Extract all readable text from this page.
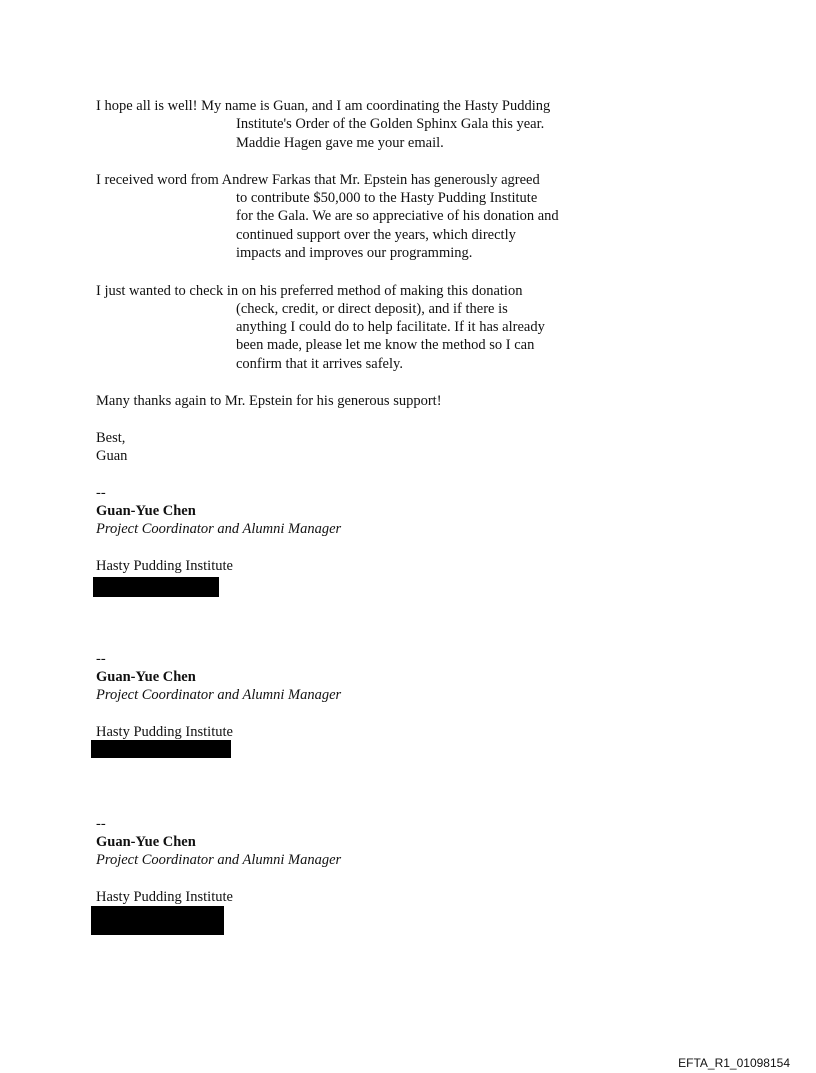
I hope all is well! My name is Guan, and I am coordinating the Hasty Pudding
Institute's Order of the Golden Sphinx Gala this year.
Maddie Hagen gave me your email.
I received word from Andrew Farkas that Mr. Epstein has generously agreed
to contribute $50,000 to the Hasty Pudding Institute
for the Gala. We are so appreciative of his donation and
continued support over the years, which directly
impacts and improves our programming.
I just wanted to check in on his preferred method of making this donation
(check, credit, or direct deposit), and if there is
anything I could do to help facilitate. If it has already
been made, please let me know the method so I can
confirm that it arrives safely.
Many thanks again to Mr. Epstein for his generous support!
Best,
Guan
--
Guan-Yue Chen
Project Coordinator and Alumni Manager
Hasty Pudding Institute
--
Guan-Yue Chen
Project Coordinator and Alumni Manager
Hasty Pudding Institute
--
Guan-Yue Chen
Project Coordinator and Alumni Manager
Hasty Pudding Institute
EFTA_R1_01098154
